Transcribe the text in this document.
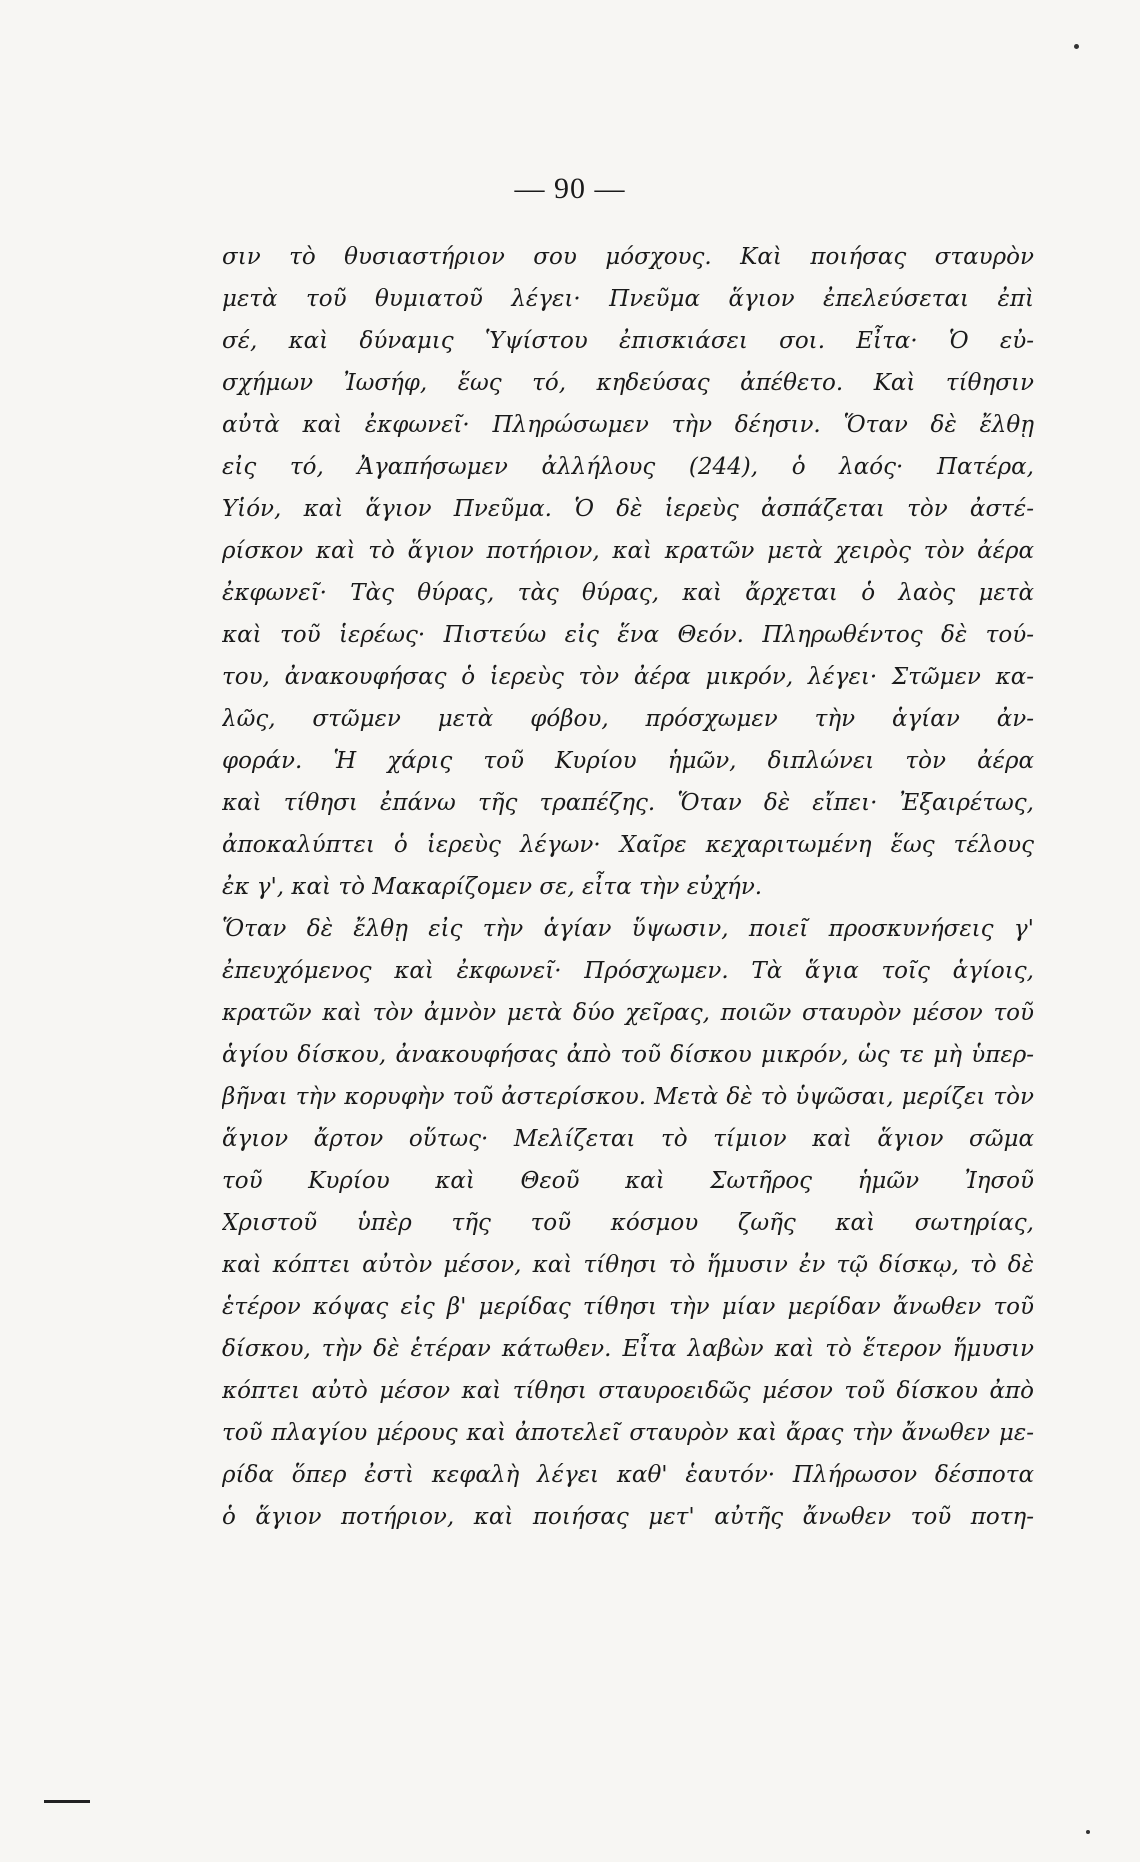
— 90 —
σιν τὸ θυσιαστήριον σου μόσχους. Καὶ ποιήσας σταυρὸν
μετὰ τοῦ θυμιατοῦ λέγει· Πνεῦμα ἅγιον ἐπελεύσεται ἐπὶ
σέ, καὶ δύναμις Ὑψίστου ἐπισκιάσει σοι. Εἶτα· Ὁ εὐ-
σχήμων Ἰωσήφ, ἕως τό, κηδεύσας ἀπέθετο. Καὶ τίθησιν
αὐτὰ καὶ ἐκφωνεῖ· Πληρώσωμεν τὴν δέησιν. Ὅταν δὲ ἔλθῃ
εἰς τό, Ἀγαπήσωμεν ἀλλήλους (244), ὁ λαός· Πατέρα,
Υἱόν, καὶ ἅγιον Πνεῦμα. Ὁ δὲ ἱερεὺς ἀσπάζεται τὸν ἀστέ-
ρίσκον καὶ τὸ ἅγιον ποτήριον, καὶ κρατῶν μετὰ χειρὸς τὸν ἀέρα
ἐκφωνεῖ· Τὰς θύρας, τὰς θύρας, καὶ ἄρχεται ὁ λαὸς μετὰ
καὶ τοῦ ἱερέως· Πιστεύω εἰς ἕνα Θεόν. Πληρωθέντος δὲ τού-
του, ἀνακουφήσας ὁ ἱερεὺς τὸν ἀέρα μικρόν, λέγει· Στῶμεν κα-
λῶς, στῶμεν μετὰ φόβου, πρόσχωμεν τὴν ἁγίαν ἀν-
φοράν. Ἡ χάρις τοῦ Κυρίου ἡμῶν, διπλώνει τὸν ἀέρα
καὶ τίθησι ἐπάνω τῆς τραπέζης. Ὅταν δὲ εἴπει· Ἐξαιρέτως,
ἀποκαλύπτει ὁ ἱερεὺς λέγων· Χαῖρε κεχαριτωμένη ἕως τέλους
ἐκ γ', καὶ τὸ Μακαρίζομεν σε, εἶτα τὴν εὐχήν.
Ὅταν δὲ ἔλθῃ εἰς τὴν ἁγίαν ὕψωσιν, ποιεῖ προσκυνήσεις γ'
ἐπευχόμενος καὶ ἐκφωνεῖ· Πρόσχωμεν. Τὰ ἅγια τοῖς ἁγίοις,
κρατῶν καὶ τὸν ἀμνὸν μετὰ δύο χεῖρας, ποιῶν σταυρὸν μέσον τοῦ
ἁγίου δίσκου, ἀνακουφήσας ἀπὸ τοῦ δίσκου μικρόν, ὡς τε μὴ ὑπερ-
βῆναι τὴν κορυφὴν τοῦ ἀστερίσκου. Μετὰ δὲ τὸ ὑψῶσαι, μερίζει τὸν
ἅγιον ἄρτον οὕτως· Μελίζεται τὸ τίμιον καὶ ἅγιον σῶμα
τοῦ Κυρίου καὶ Θεοῦ καὶ Σωτῆρος ἡμῶν Ἰησοῦ
Χριστοῦ ὑπὲρ τῆς τοῦ κόσμου ζωῆς καὶ σωτηρίας,
καὶ κόπτει αὐτὸν μέσον, καὶ τίθησι τὸ ἥμυσιν ἐν τῷ δίσκῳ, τὸ δὲ
ἑτέρον κόψας εἰς β' μερίδας τίθησι τὴν μίαν μερίδαν ἄνωθεν τοῦ
δίσκου, τὴν δὲ ἑτέραν κάτωθεν. Εἶτα λαβὼν καὶ τὸ ἕτερον ἥμυσιν
κόπτει αὐτὸ μέσον καὶ τίθησι σταυροειδῶς μέσον τοῦ δίσκου ἀπὸ
τοῦ πλαγίου μέρους καὶ ἀποτελεῖ σταυρὸν καὶ ἄρας τὴν ἄνωθεν με-
ρίδα ὅπερ ἐστὶ κεφαλὴ λέγει καθ' ἑαυτόν· Πλήρωσον δέσποτα
ὁ ἅγιον ποτήριον, καὶ ποιήσας μετ' αὐτῆς ἄνωθεν τοῦ ποτη-
